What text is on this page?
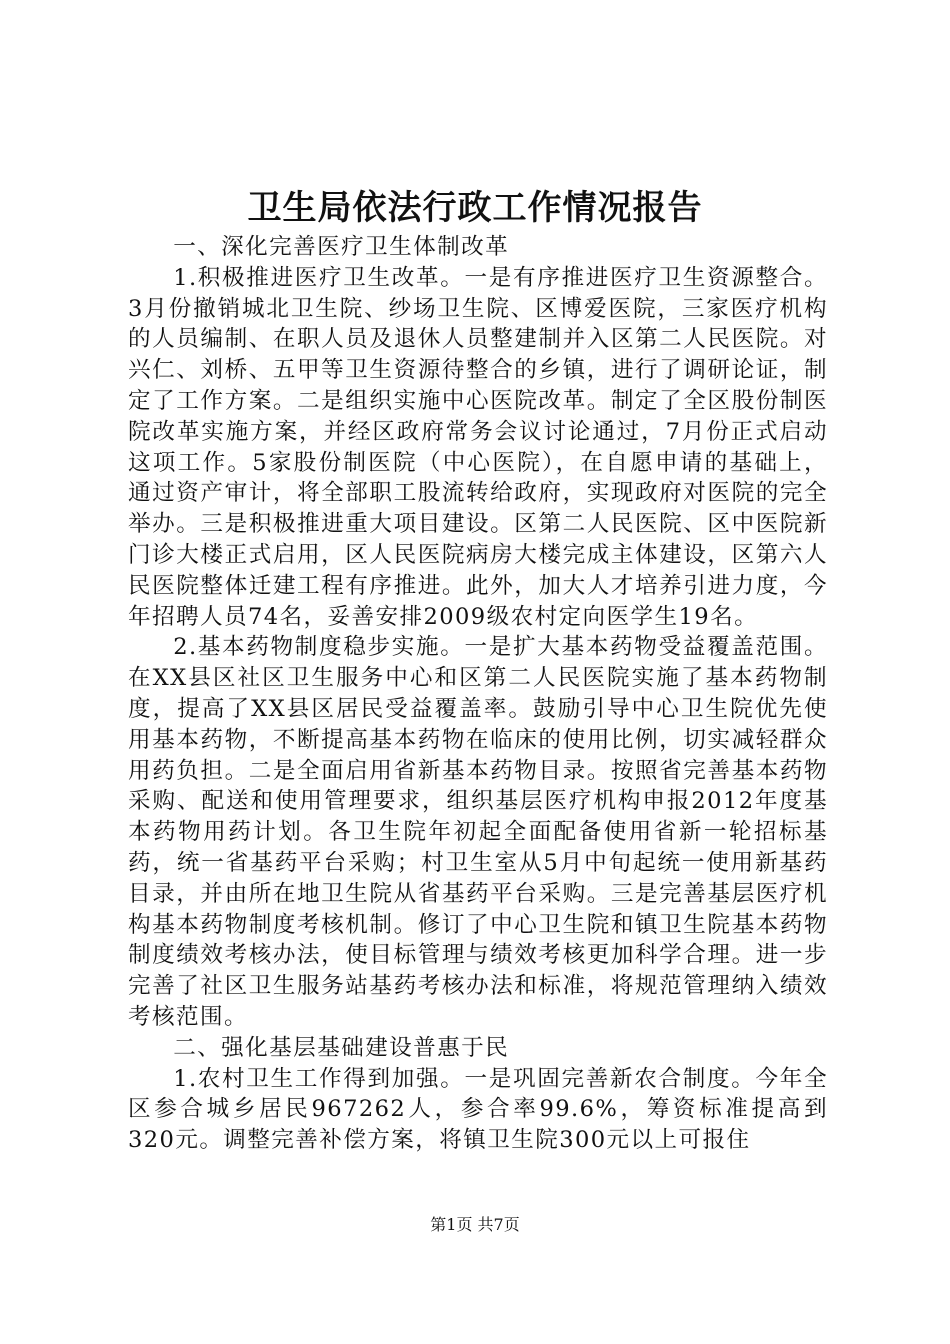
卫生局依法行政工作情况报告

一、深化完善医疗卫生体制改革

1.积极推进医疗卫生改革。一是有序推进医疗卫生资源整合。3月份撤销城北卫生院、纱场卫生院、区博爱医院，三家医疗机构的人员编制、在职人员及退休人员整建制并入区第二人民医院。对兴仁、刘桥、五甲等卫生资源待整合的乡镇，进行了调研论证，制定了工作方案。二是组织实施中心医院改革。制定了全区股份制医院改革实施方案，并经区政府常务会议讨论通过，7月份正式启动这项工作。5家股份制医院（中心医院），在自愿申请的基础上，通过资产审计，将全部职工股流转给政府，实现政府对医院的完全举办。三是积极推进重大项目建设。区第二人民医院、区中医院新门诊大楼正式启用，区人民医院病房大楼完成主体建设，区第六人民医院整体迁建工程有序推进。此外，加大人才培养引进力度，今年招聘人员74名，妥善安排2009级农村定向医学生19名。

2.基本药物制度稳步实施。一是扩大基本药物受益覆盖范围。在XX县区社区卫生服务中心和区第二人民医院实施了基本药物制度，提高了XX县区居民受益覆盖率。鼓励引导中心卫生院优先使用基本药物，不断提高基本药物在临床的使用比例，切实减轻群众用药负担。二是全面启用省新基本药物目录。按照省完善基本药物采购、配送和使用管理要求，组织基层医疗机构申报2012年度基本药物用药计划。各卫生院年初起全面配备使用省新一轮招标基药，统一省基药平台采购；村卫生室从5月中旬起统一使用新基药目录，并由所在地卫生院从省基药平台采购。三是完善基层医疗机构基本药物制度考核机制。修订了中心卫生院和镇卫生院基本药物制度绩效考核办法，使目标管理与绩效考核更加科学合理。进一步完善了社区卫生服务站基药考核办法和标准，将规范管理纳入绩效考核范围。

二、强化基层基础建设普惠于民

1.农村卫生工作得到加强。一是巩固完善新农合制度。今年全区参合城乡居民967262人，参合率99.6%，筹资标准提高到320元。调整完善补偿方案，将镇卫生院300元以上可报住

第1页 共7页
